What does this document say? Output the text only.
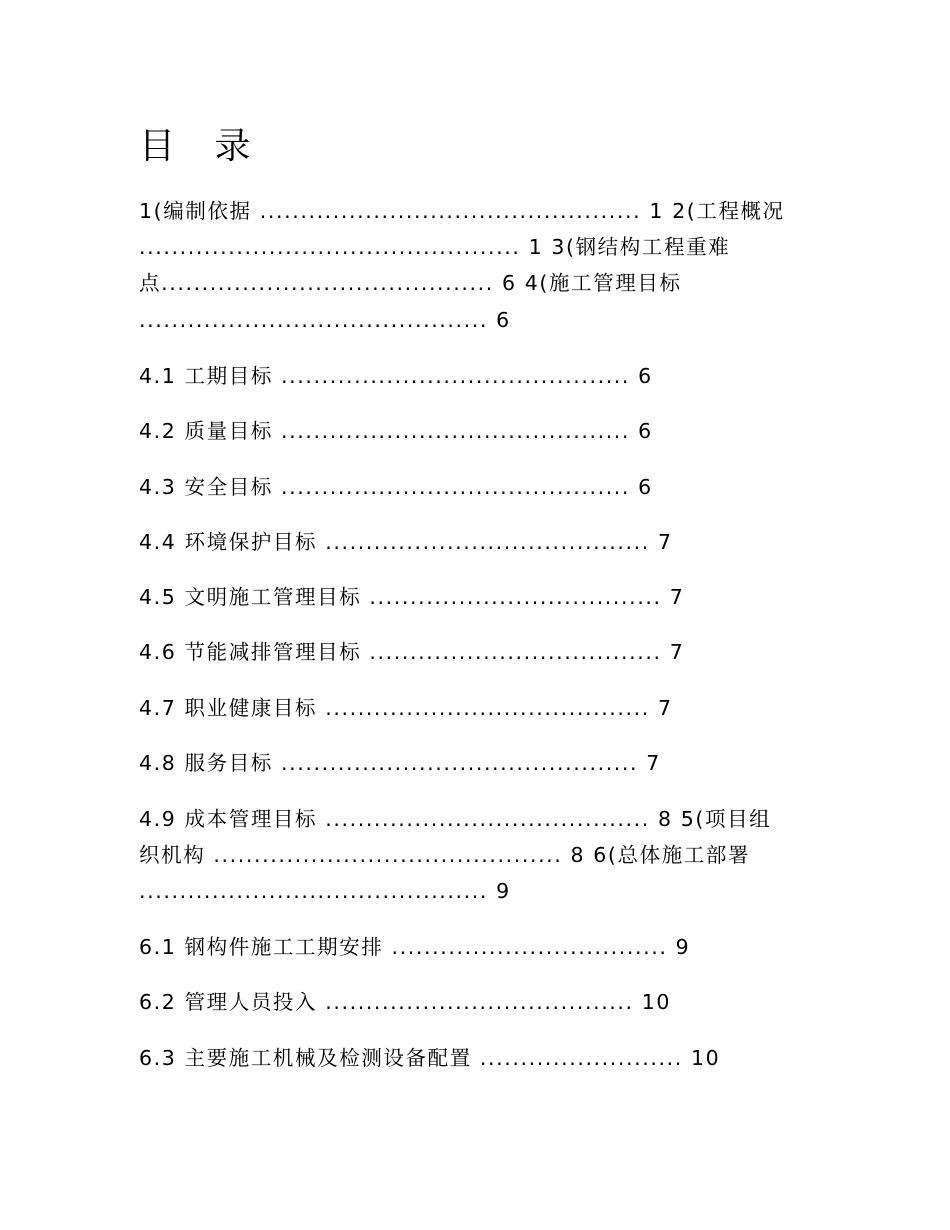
目 录
1(编制依据 ............................................... 1 2(工程概况
............................................... 1 3(钢结构工程重难
点......................................... 6 4(施工管理目标
........................................... 6
4.1 工期目标 ........................................... 6
4.2 质量目标 ........................................... 6
4.3 安全目标 ........................................... 6
4.4 环境保护目标 ........................................ 7
4.5 文明施工管理目标 .................................... 7
4.6 节能减排管理目标 .................................... 7
4.7 职业健康目标 ........................................ 7
4.8 服务目标 ............................................ 7
4.9 成本管理目标 ........................................ 8 5(项目组
织机构 ........................................... 8 6(总体施工部署
........................................... 9
6.1 钢构件施工工期安排 .................................. 9
6.2 管理人员投入 ...................................... 10
6.3 主要施工机械及检测设备配置 ......................... 10
